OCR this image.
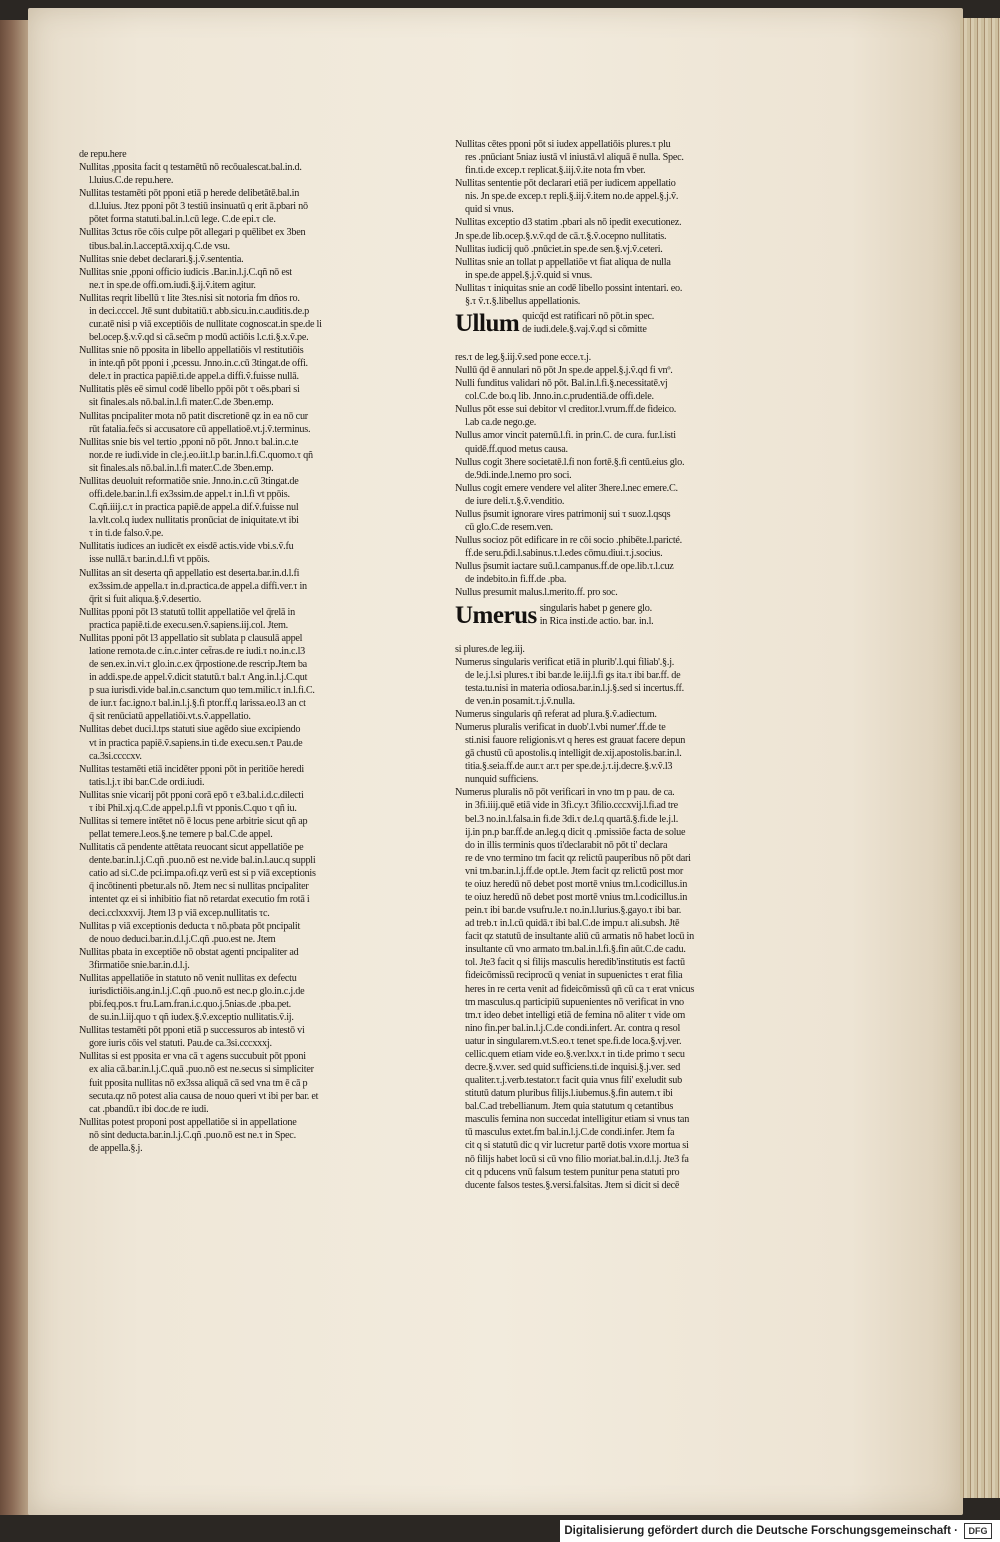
de repu.here
Nullitas ,pposita facit q testamētū nō recōualescat.bal.in.d.
l.luius.C.de repu.here.
Nullitas testamēti pōt pponi etiā p herede delibetātē.bal.in
d.l.luius. Jtez pponi pōt 3 testiū insinuatū q erit ā.pbari nō
pōtet forma statuti.bal.in.l.cū lege. C.de epi.τ cle.
Nullitas 3ctus rōe cōis culpe pōt allegari p quēlibet ex 3ben
tibus.bal.in.l.acceptā.xxij.q.C.de vsu.
Nullitas snie debet declarari.§.j.ṽ.sententia.
Nullitas snie ,pponi officio iudicis .Bar.in.l.j.C.qñ nō est
ne.τ in spe.de offi.om.iudi.§.ij.ṽ.item agitur.
Nullitas reqrit libellū τ lite 3tes.nisi sit notoria fm dños ro.
in deci.cccel. Jtē sunt dubitatiū.τ abb.sicu.in.c.auditis.de.p
cur.atē nisi p viā exceptiōis de nullitate cognoscat.in spe.de li
bel.ocep.§.v.ṽ.qd si cā.sec̄m p modū actiōis l.c.ti.§.x.ṽ.pe.
Nullitas snie nō pposita in libello appellatiōis vl restitutiōis
in inte.qñ pōt pponi i ,pcessu. Jnno.in.c.cū 3tingat.de offi.
dele.τ in practica papiē.ti.de appel.a diffi.ṽ.fuisse nullā.
Nullitatis plēs eē simul codē libello ppōi pōt τ oēs.pbari si
sit finales.als nō.bal.in.l.fi mater.C.de 3ben.emp.
Nullitas pncipaliter mota nō patit discretionē qz in ea nō cur
rūt fatalia.fec̄s si accusatore cū appellatioē.vt.j.ṽ.terminus.
Nullitas snie bis vel tertio ,pponi nō pōt. Jnno.τ bal.in.c.te
nor.de re iudi.vide in cle.j.eo.iit.l.p bar.in.l.fi.C.quomo.τ qñ
sit finales.als nō.bal.in.l.fi mater.C.de 3ben.emp.
Nullitas deuoluit reformatiōe snie. Jnno.in.c.cū 3tingat.de
offi.dele.bar.in.l.fi ex3ssim.de appel.τ in.l.fi vt ppōis.
C.qñ.iiij.c.τ in practica papiē.de appel.a dif.ṽ.fuisse nul
la.vlt.col.q iudex nullitatis pronūciat de iniquitate.vt ibi
τ in ti.de falso.ṽ.pe.
Nullitatis iudices an iudicēt ex eisdē actis.vide vbi.s.ṽ.fu
isse nullā.τ bar.in.d.l.fi vt ppōis.
Nullitas an sit deserta qñ appellatio est deserta.bar.in.d.l.fi
ex3ssim.de appella.τ in.d.practica.de appel.a diffi.ver.τ in
q̄rit si fuit aliqua.§.ṽ.desertio.
Nullitas pponi pōt l3 statutū tollit appellatiōe vel q̄relā in
practica papiē.ti.de execu.sen.ṽ.sapiens.iij.col. Jtem.
Nullitas pponi pōt l3 appellatio sit sublata p clausulā appel
latione remota.de c.in.c.inter cet̄ras.de re iudi.τ no.in.c.l3
de sen.ex.in.vi.τ glo.in.c.ex q̄rpostione.de rescrip.Jtem ba
in addi.spe.de appel.ṽ.dicit statutū.τ bal.τ Ang.in.l.j.C.qut
p sua iurisdi.vide bal.in.c.sanctum quo tem.milic.τ in.l.fi.C.
de iur.τ fac.igno.τ bal.in.l.j.§.fi ptor.ff.q larissa.eo.l3 an ct
q̄ sit renūciatū appellatiōi.vt.s.ṽ.appellatio.
Nullitas debet duci.l.tps statuti siue agēdo siue excipiendo
vt in practica papiē.ṽ.sapiens.in ti.de execu.sen.τ Pau.de
ca.3si.ccccxv.
Nullitas testamēti etiā incidēter pponi pōt in peritiōe heredi
tatis.l.j.τ ibi bar.C.de ordi.iudi.
Nullitas snie vicarij pōt pponi corā epō τ e3.bal.i.d.c.dilecti
τ ibi Phil.xj.q.C.de appel.p.l.fi vt pponis.C.quo τ qñ iu.
Nullitas si temere intētet nō ē locus pene arbitrie sicut qñ ap
pellat temere.l.eos.§.ne temere p bal.C.de appel.
Nullitatis cā pendente attētata reuocant sicut appellatiōe pe
dente.bar.in.l.j.C.qñ .puo.nō est ne.vide bal.in.l.auc.q suppli
catio ad si.C.de pci.impa.ofi.qz verū est si p viā exceptionis
q̄ incōtinenti pbetur.als nō. Jtem nec si nullitas pncipaliter
intentet qz ei si inhibitio fiat nō retardat executio fm rotā i
deci.cclxxxvij. Jtem l3 p viā excep.nullitatis τc.
Nullitas p viā exceptionis deducta τ nō.pbata pōt pncipalit
de nouo deduci.bar.in.d.l.j.C.qñ .puo.est ne. Jtem
Nullitas pbata in exceptiōe nō obstat agenti pncipaliter ad
3firmatiōe snie.bar.in.d.l.j.
Nullitas appellatiōe in statuto nō venit nullitas ex defectu
iurisdictiōis.ang.in.l.j.C.qñ .puo.nō est nec.p glo.in.c.j.de
pbi.feq.pos.τ fru.Lam.fran.i.c.quo.j.5nias.de .pba.pet.
de su.in.l.iij.quo τ qñ iudex.§.ṽ.exceptio nullitatis.ṽ.ij.
Nullitas testamēti pōt pponi etiā p successuros ab intestō vi
gore iuris cōis vel statuti. Pau.de ca.3si.cccxxxj.
Nullitas si est pposita er vna cā τ agens succubuit pōt pponi
ex alia cā.bar.in.l.j.C.quā .puo.nō est ne.secus si simpliciter
fuit pposita nullitas nō ex3ssa aliquā cā sed vna tm ē cā p
secuta.qz nō potest alia causa de nouo queri vt ibi per bar. et
cat .pbandū.τ ibi doc.de re iudi.
Nullitas potest proponi post appellatiōe si in appellatione
nō sint deducta.bar.in.l.j.C.qñ .puo.nō est ne.τ in Spec.
de appella.§.j.
Nullitas cētes pponi pōt si iudex appellatiōis plures.τ plu
res .pnūciant 5niaz iustā vl iniustā.vl aliquā ē nulla. Spec.
fin.ti.de excep.τ replicat.§.iij.ṽ.ite nota fm vber.
Nullitas sententie pōt declarari etiā per iudicem appellatio
nis. Jn spe.de excep.τ repli.§.iij.ṽ.item no.de appel.§.j.ṽ.
quid si vnus.
Nullitas exceptio d3 statim .pbari als nō ipedit executionez.
Jn spe.de lib.ocep.§.v.ṽ.qd de cā.τ.§.ṽ.ocepno nullitatis.
Nullitas iudicij quō .pnūciet.in spe.de sen.§.vj.ṽ.ceteri.
Nullitas snie an tollat p appellatiōe vt fiat aliqua de nulla
in spe.de appel.§.j.ṽ.quid si vnus.
Nullitas τ iniquitas snie an codē libello possint intentari. eo.
§.τ ṽ.τ.§.libellus appellationis.
Ullum quicq̄d est ratificari nō pōt.in spec.
de iudi.dele.§.vaj.ṽ.qd si cōmitte
res.τ de leg.§.iij.ṽ.sed pone ecce.τ.j.
Nullū q̄d ē annulari nō pōt Jn spe.de appel.§.j.ṽ.qd fi vnº.
Nulli funditus validari nō pōt. Bal.in.l.fi.§.necessitatē.vj
col.C.de bo.q lib. Jnno.in.c.prudentiā.de offi.dele.
Nullus pōt esse sui debitor vl creditor.l.vrum.ff.de fideico.
l.ab ca.de nego.ge.
Nullus amor vincit paternū.l.fi. in prin.C. de cura. fur.l.isti
quidē.ff.quod metus causa.
Nullus cogit 3here societatē.l.fi non fortē.§.fi centū.eius glo.
de.9di.inde.l.nemo pro soci.
Nullus cogit emere vendere vel aliter 3here.l.nec emere.C.
de iure deli.τ.§.ṽ.venditio.
Nullus p̄sumit ignorare vires patrimonij sui τ suoz.l.qsqs
cū glo.C.de resem.ven.
Nullus socioz pōt edificare in re cōi socio .phibēte.l.paricté.
ff.de seru.p̄di.l.sabinus.τ.l.edes cōmu.diui.τ.j.socius.
Nullus p̄sumit iactare suū.l.campanus.ff.de ope.lib.τ.l.cuz
de indebito.in fi.ff.de .pba.
Nullus presumit malus.l.merito.ff. pro soc.
Umerus singularis habet p genere glo.
in Rica insti.de actio. bar. in.l.
si plures.de leg.iij.
Numerus singularis verificat etiā in plurib'.l.qui filiab'.§.j.
de le.j.l.si plures.τ ibi bar.de le.iij.l.fi gs ita.τ ibi bar.ff. de
testa.tu.nisi in materia odiosa.bar.in.l.j.§.sed si incertus.ff.
de ven.in posamit.τ.j.ṽ.nulla.
Numerus singularis qñ referat ad plura.§.ṽ.adiectum.
Numerus pluralis verificat in duob'.l.vbi numer'.ff.de te
sti.nisi fauore religionis.vt q heres est grauat facere depun
gā chustū cū apostolis.q intelligit de.xij.apostolis.bar.in.l.
titia.§.seia.ff.de aur.τ ar.τ per spe.de.j.τ.ij.decre.§.v.ṽ.l3
nunquid sufficiens.
Numerus pluralis nō pōt verificari in vno tm p pau. de ca.
in 3fi.iiij.quē etiā vide in 3fi.cy.τ 3filio.cccxvij.l.fi.ad tre
bel.3 no.in.l.falsa.in fi.de 3di.τ de.l.q quartā.§.fi.de le.j.l.
ij.in pn.p bar.ff.de an.leg.q dicit q .pmissiōe facta de solue
do in illis terminis quos ti'declarabit nō pōt ti' declara
re de vno termino tm facit qz relictū pauperibus nō pōt dari
vni tm.bar.in.l.j.ff.de opt.le. Jtem facit qz relictū post mor
te oiuz heredū nō debet post mortē vnius tm.l.codicillus.in
te oiuz heredū nō debet post mortē vnius tm.l.codicillus.in
pein.τ ibi bar.de vsufru.le.τ no.in.l.lurius.§.gayo.τ ibi bar.
ad treb.τ in.l.cū quidā.τ ibi bal.C.de impu.τ ali.subsh. Jtē
facit qz statutū de insultante aliū cū armatis nō habet locū in
insultante cū vno armato tm.bal.in.l.fi.§.fin aūt.C.de cadu.
tol. Jte3 facit q si filijs masculis heredib'institutis est factū
fideicōmissū reciprocū q veniat in supuenictes τ erat filia
heres in re certa venit ad fideicōmissū qñ cū ca τ erat vnicus
tm masculus.q participiū supuenientes nō verificat in vno
tm.τ ideo debet intelligi etiā de femina nō aliter τ vide om
nino fin.per bal.in.l.j.C.de condi.infert. Ar. contra q resol
uatur in singularem.vt.S.eo.τ tenet spe.fi.de loca.§.vj.ver.
cellic.quem etiam vide eo.§.ver.lxx.τ in ti.de primo τ secu
decre.§.v.ver. sed quid sufficiens.ti.de inquisi.§.j.ver. sed
qualiter.τ.j.verb.testator.τ facit quia vnus fili' exeludit sub
stitutū datum pluribus filijs.l.iubemus.§.fin autem.τ ibi
bal.C.ad trebellianum. Jtem quia statutum q cetantibus
masculis femina non succedat intelligitur etiam si vnus tan
tū masculus extet.fm bal.in.l.j.C.de condi.infer. Jtem fa
cit q si statutū dic q vir lucretur partē dotis vxore mortua si
nō filijs habet locū si cū vno filio moriat.bal.in.d.l.j. Jte3 fa
cit q pducens vnū falsum testem punitur pena statuti pro
ducente falsos testes.§.versi.falsitas. Jtem si dicit si decē
Digitalisierung gefördert durch die Deutsche Forschungsgemeinschaft ·	DFG
